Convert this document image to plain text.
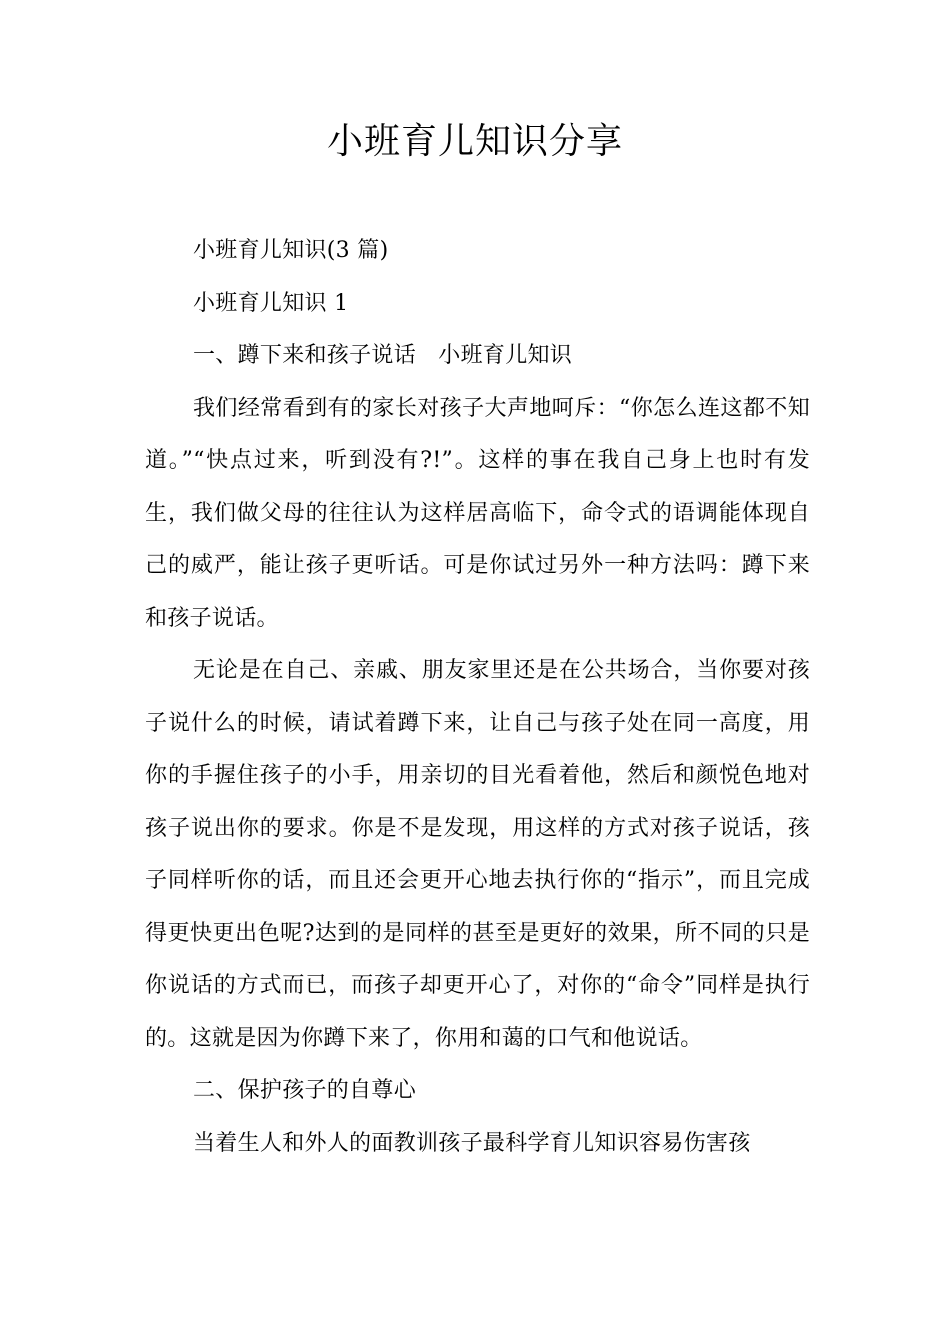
小班育儿知识分享

小班育儿知识(3 篇)

小班育儿知识 1

一、蹲下来和孩子说话　小班育儿知识

我们经常看到有的家长对孩子大声地呵斥：“你怎么连这都不知道。”“快点过来，听到没有?!”。这样的事在我自己身上也时有发生，我们做父母的往往认为这样居高临下，命令式的语调能体现自己的威严，能让孩子更听话。可是你试过另外一种方法吗：蹲下来和孩子说话。

无论是在自己、亲戚、朋友家里还是在公共场合，当你要对孩子说什么的时候，请试着蹲下来，让自己与孩子处在同一高度，用你的手握住孩子的小手，用亲切的目光看着他，然后和颜悦色地对孩子说出你的要求。你是不是发现，用这样的方式对孩子说话，孩子同样听你的话，而且还会更开心地去执行你的“指示”，而且完成得更快更出色呢?达到的是同样的甚至是更好的效果，所不同的只是你说话的方式而已，而孩子却更开心了，对你的“命令”同样是执行的。这就是因为你蹲下来了，你用和蔼的口气和他说话。

二、保护孩子的自尊心

当着生人和外人的面教训孩子最科学育儿知识容易伤害孩
